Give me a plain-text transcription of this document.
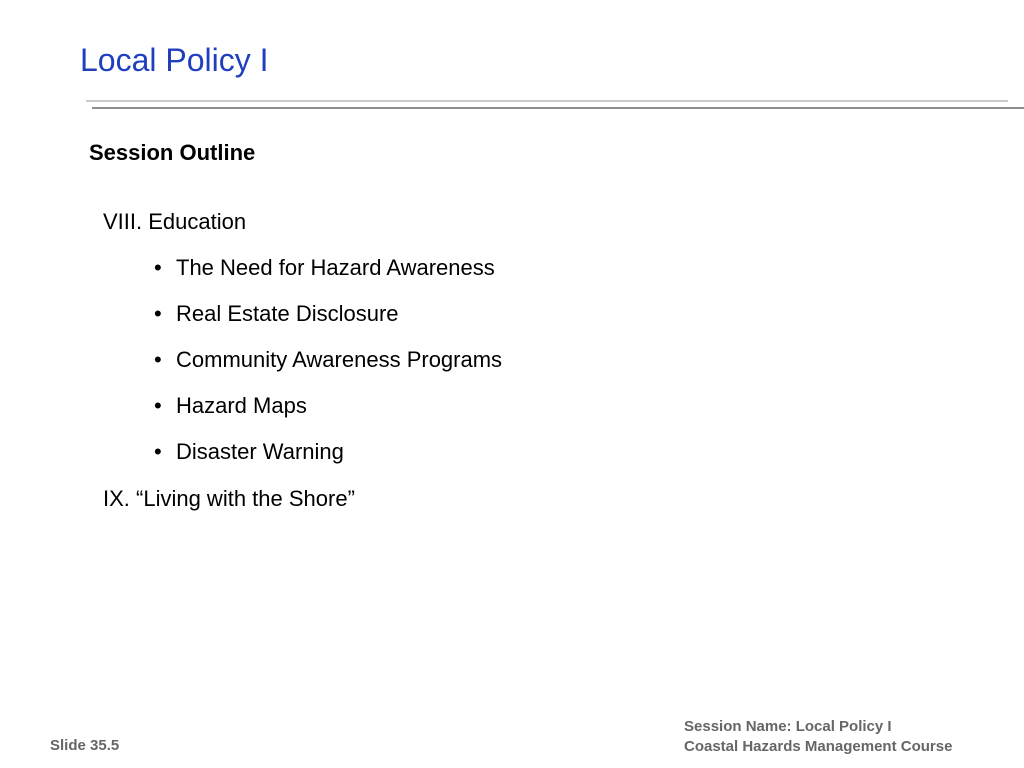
Local Policy I
Session Outline
VIII. Education
• The Need for Hazard Awareness
• Real Estate Disclosure
• Community Awareness Programs
• Hazard Maps
• Disaster Warning
IX. “Living with the Shore”
Slide 35.5
Session Name: Local Policy I
Coastal Hazards Management Course
